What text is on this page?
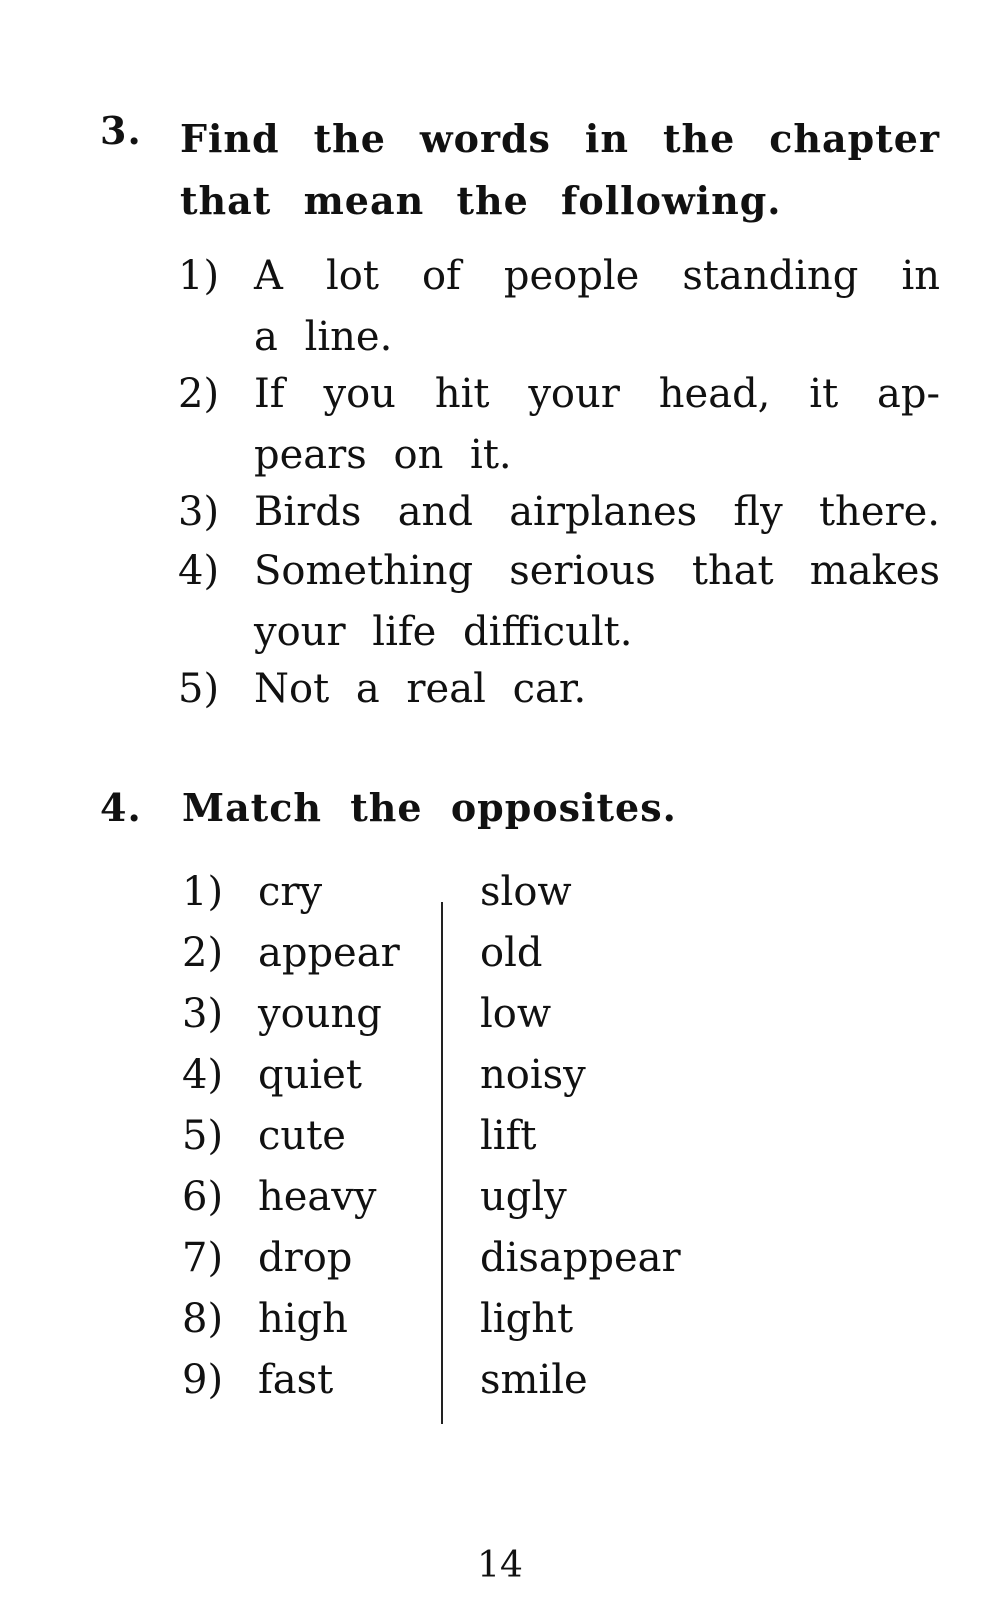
3. Find the words in the chapter
that mean the following.
1) A lot of people standing in
a line.
2) If you hit your head, it ap-
pears on it.
3) Birds and airplanes fly there.
4) Something serious that makes
your life difficult.
5) Not a real car.
4. Match the opposites.
1) cry
2) appear
3) young
4) quiet
5) cute
6) heavy
7) drop
8) high
9) fast
slow
old
low
noisy
lift
ugly
disappear
light
smile
14
